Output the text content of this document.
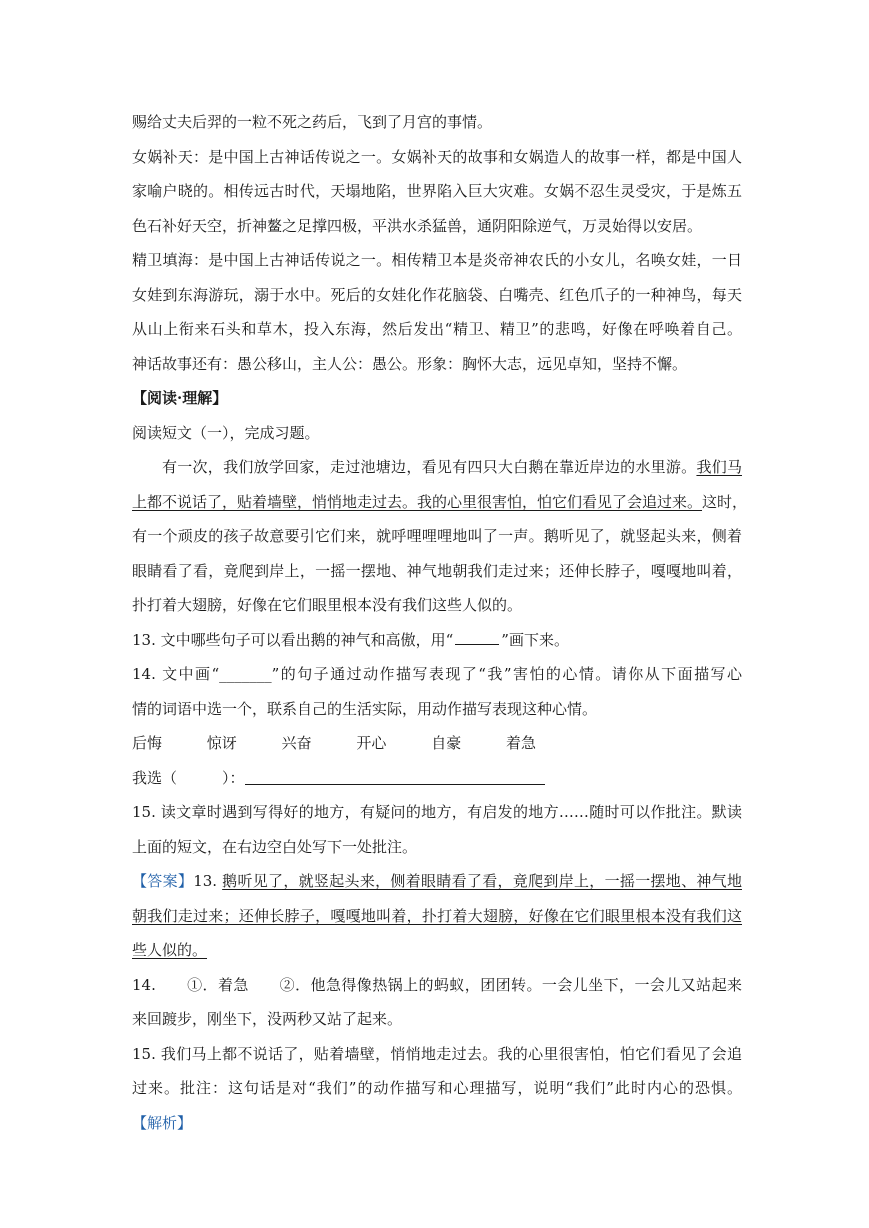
赐给丈夫后羿的一粒不死之药后，飞到了月宫的事情。
女娲补天：是中国上古神话传说之一。女娲补天的故事和女娲造人的故事一样，都是中国人
家喻户晓的。相传远古时代，天塌地陷，世界陷入巨大灾难。女娲不忍生灵受灾，于是炼五
色石补好天空，折神鳌之足撑四极，平洪水杀猛兽，通阴阳除逆气，万灵始得以安居。
精卫填海：是中国上古神话传说之一。相传精卫本是炎帝神农氏的小女儿，名唤女娃，一日
女娃到东海游玩，溺于水中。死后的女娃化作花脑袋、白嘴壳、红色爪子的一种神鸟，每天
从山上衔来石头和草木，投入东海，然后发出“精卫、精卫”的悲鸣，好像在呼唤着自己。
神话故事还有：愚公移山，主人公：愚公。形象：胸怀大志，远见卓知，坚持不懈。
【阅读·理解】
阅读短文（一），完成习题。
有一次，我们放学回家，走过池塘边，看见有四只大白鹅在靠近岸边的水里游。我们马
上都不说话了，贴着墙壁，悄悄地走过去。我的心里很害怕，怕它们看见了会追过来。这时，
有一个顽皮的孩子故意要引它们来，就呼哩哩哩地叫了一声。鹅听见了，就竖起头来，侧着
眼睛看了看，竟爬到岸上，一摇一摆地、神气地朝我们走过来；还伸长脖子，嘎嘎地叫着，
扑打着大翅膀，好像在它们眼里根本没有我们这些人似的。
13. 文中哪些句子可以看出鹅的神气和高傲，用“	”画下来。
14. 文中画“_______”的句子通过动作描写表现了“我”害怕的心情。请你从下面描写心
情的词语中选一个，联系自己的生活实际，用动作描写表现这种心情。
后悔	惊讶	兴奋	开心	自豪	着急
我选（　　　）：
15. 读文章时遇到写得好的地方，有疑问的地方，有启发的地方……随时可以作批注。默读
上面的短文，在右边空白处写下一处批注。
【答案】13. 鹅听见了，就竖起头来，侧着眼睛看了看，竟爬到岸上，一摇一摆地、神气地
朝我们走过来；还伸长脖子，嘎嘎地叫着，扑打着大翅膀，好像在它们眼里根本没有我们这
些人似的。
14.　　①．着急　　②．他急得像热锅上的蚂蚁，团团转。一会儿坐下，一会儿又站起来
来回踱步，刚坐下，没两秒又站了起来。
15. 我们马上都不说话了，贴着墙壁，悄悄地走过去。我的心里很害怕，怕它们看见了会追
过来。批注：这句话是对“我们”的动作描写和心理描写，说明“我们”此时内心的恐惧。
【解析】
